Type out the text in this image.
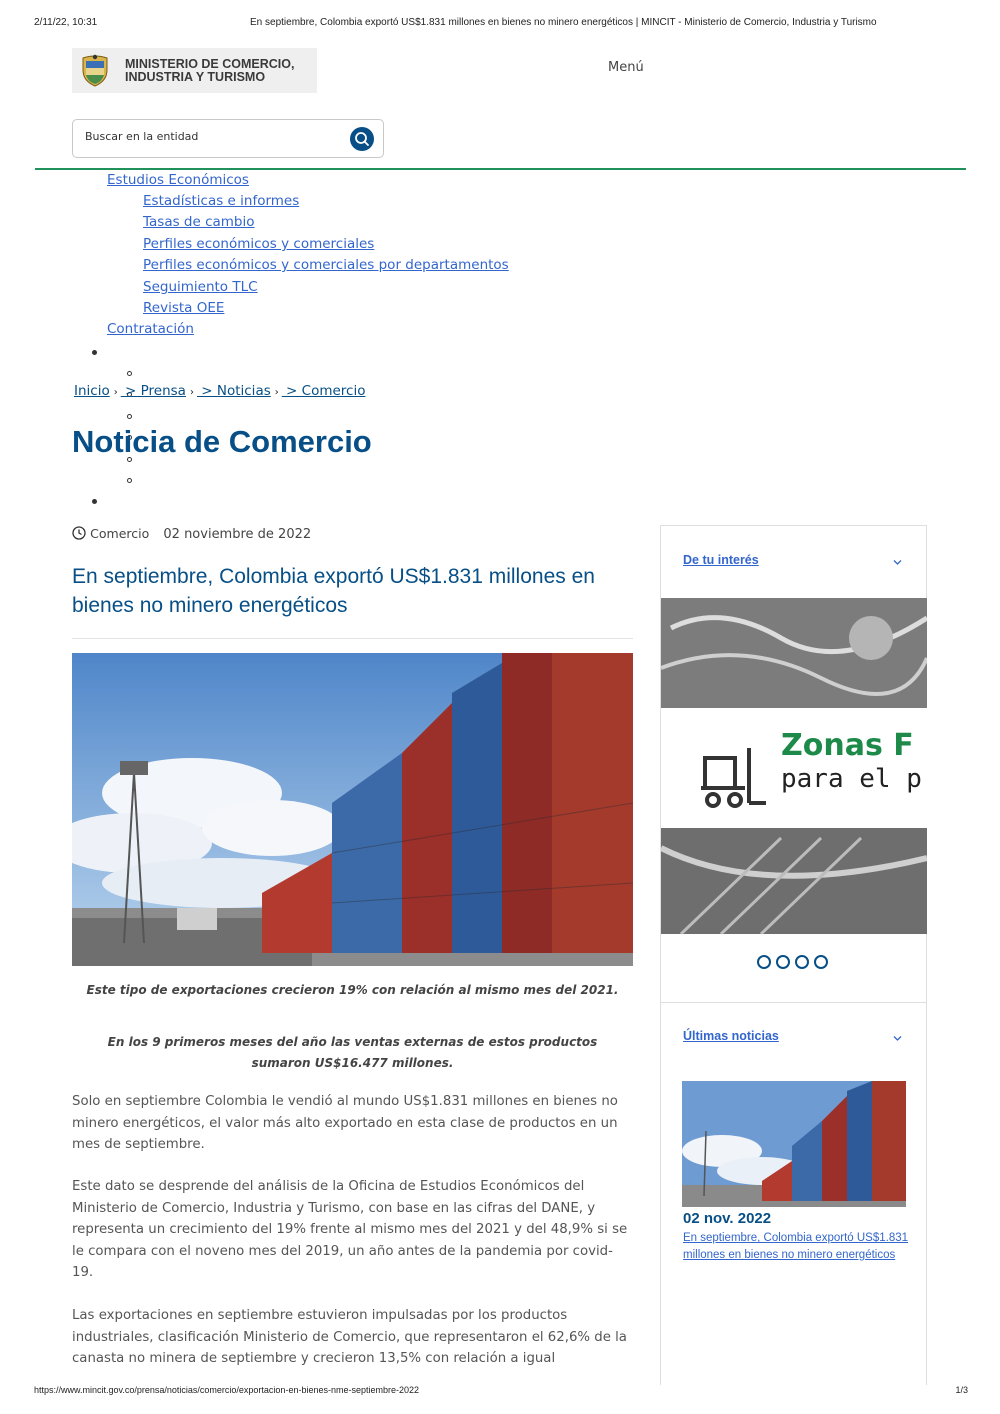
2/11/22, 10:31	En septiembre, Colombia exportó US$1.831 millones en bienes no minero energéticos | MINCIT - Ministerio de Comercio, Industria y Turismo
MINISTERIO DE COMERCIO,
INDUSTRIA Y TURISMO
Menú
Buscar en la entidad
Estudios Económicos
Estadísticas e informes
Tasas de cambio
Perfiles económicos y comerciales
Perfiles económicos y comerciales por departamentos
Seguimiento TLC
Revista OEE
Contratación
Inicio › > Prensa › > Noticias › > Comercio
Noticia de Comercio
Comercio 02 noviembre de 2022
En septiembre, Colombia exportó US$1.831 millones en bienes no minero energéticos
Este tipo de exportaciones crecieron 19% con relación al mismo mes del 2021.
En los 9 primeros meses del año las ventas externas de estos productos sumaron US$16.477 millones.

Solo en septiembre Colombia le vendió al mundo US$1.831 millones en bienes no minero energéticos, el valor más alto exportado en esta clase de productos en un mes de septiembre.

Este dato se desprende del análisis de la Oficina de Estudios Económicos del Ministerio de Comercio, Industria y Turismo, con base en las cifras del DANE, y representa un crecimiento del 19% frente al mismo mes del 2021 y del 48,9% si se le compara con el noveno mes del 2019, un año antes de la pandemia por covid-19.

Las exportaciones en septiembre estuvieron impulsadas por los productos industriales, clasificación Ministerio de Comercio, que representaron el 62,6% de la canasta no minera de septiembre y crecieron 13,5% con relación a igual

De tu interés
Zonas F
para el p
Últimas noticias
02 nov. 2022
En septiembre, Colombia exportó US$1.831 millones en bienes no minero energéticos
https://www.mincit.gov.co/prensa/noticias/comercio/exportacion-en-bienes-nme-septiembre-2022	1/3
